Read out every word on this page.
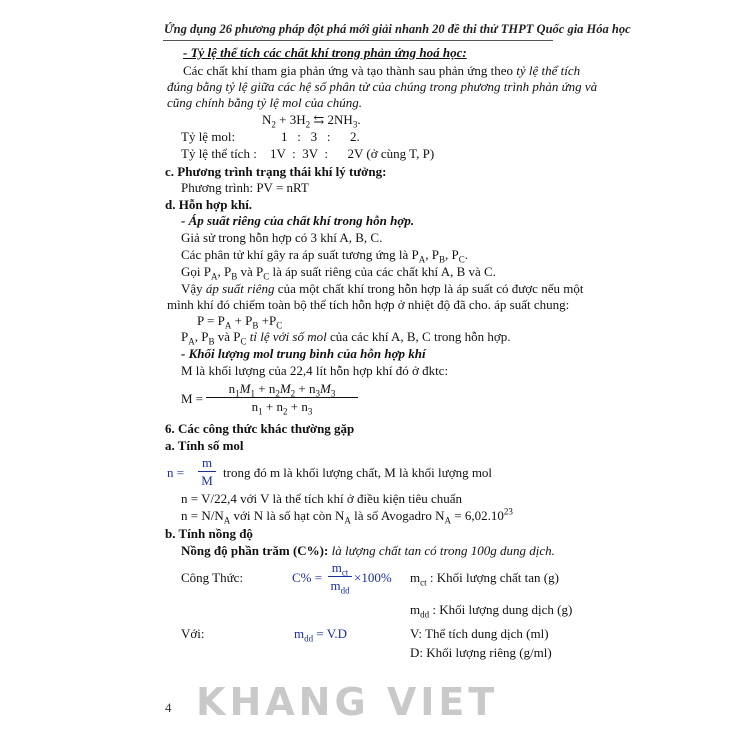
Ứng dụng 26 phương pháp đột phá mới giải nhanh 20 đề thi thử THPT Quốc gia Hóa học
- Tỷ lệ thể tích các chất khí trong phản ứng hoá học:
Các chất khí tham gia phản ứng và tạo thành sau phản ứng theo tỷ lệ thể tích
đúng bằng tỷ lệ giữa các hệ số phân tử của chúng trong phương trình phản ứng và
cũng chính bằng tỷ lệ mol của chúng.
$N_2 + 3H_2$ ⇆ $2NH_3$.
Tỷ lệ mol:	1   :   3   :      2.
Tỷ lệ thể tích : 1V  :  3V  :      2V (ở cùng T, P)
c. Phương trình trạng thái khí lý tưởng:
Phương trình: PV = nRT
d. Hỗn hợp khí.
- Áp suất riêng của chất khí trong hỗn hợp.
Giả sử trong hỗn hợp có 3 khí A, B, C.
Các phân tử khí gây ra áp suất tương ứng là $P_A$, $P_B$, $P_C$.
Gọi $P_A$, $P_B$ và $P_C$ là áp suất riêng của các chất khí A, B và C.
Vậy áp suất riêng của một chất khí trong hỗn hợp là áp suất có được nếu một
mình khí đó chiếm toàn bộ thể tích hỗn hợp ở nhiệt độ đã cho. áp suất chung:
$P = P_A + P_B +P_C$
$P_A$, $P_B$ và $P_C$ tỉ lệ với số mol của các khí A, B, C trong hỗn hợp.
- Khối lượng mol trung bình của hỗn hợp khí
M là khối lượng của 22,4 lít hỗn hợp khí đó ở đktc:
M =
$n_1M_1 + n_2M_2 + n_3M_3$
$n_1 + n_2 + n_3$
6. Các công thức khác thường gặp
a. Tính số mol
n =
m
M
trong đó m là khối lượng chất, M là khối lượng mol
n = V/22,4 với V là thể tích khí ở điều kiện tiêu chuẩn
$n = N/N_A$ với N là số hạt còn $N_A$ là số Avogadro $N_A = 6,02.10^{23}$
b. Tính nồng độ
Nồng độ phần trăm (C%): là lượng chất tan có trong 100g dung dịch.
Công Thức:	C% =
$m_{ct}$
$m_{dd}$
×100% $m_{ct}$ : Khối lượng chất tan (g)
$m_{dd}$ : Khối lượng dung dịch (g)
Với:	$m_{dd} = V.D$	V: Thể tích dung dịch (ml)
D: Khối lượng riêng (g/ml)
4 KHANG VIET
